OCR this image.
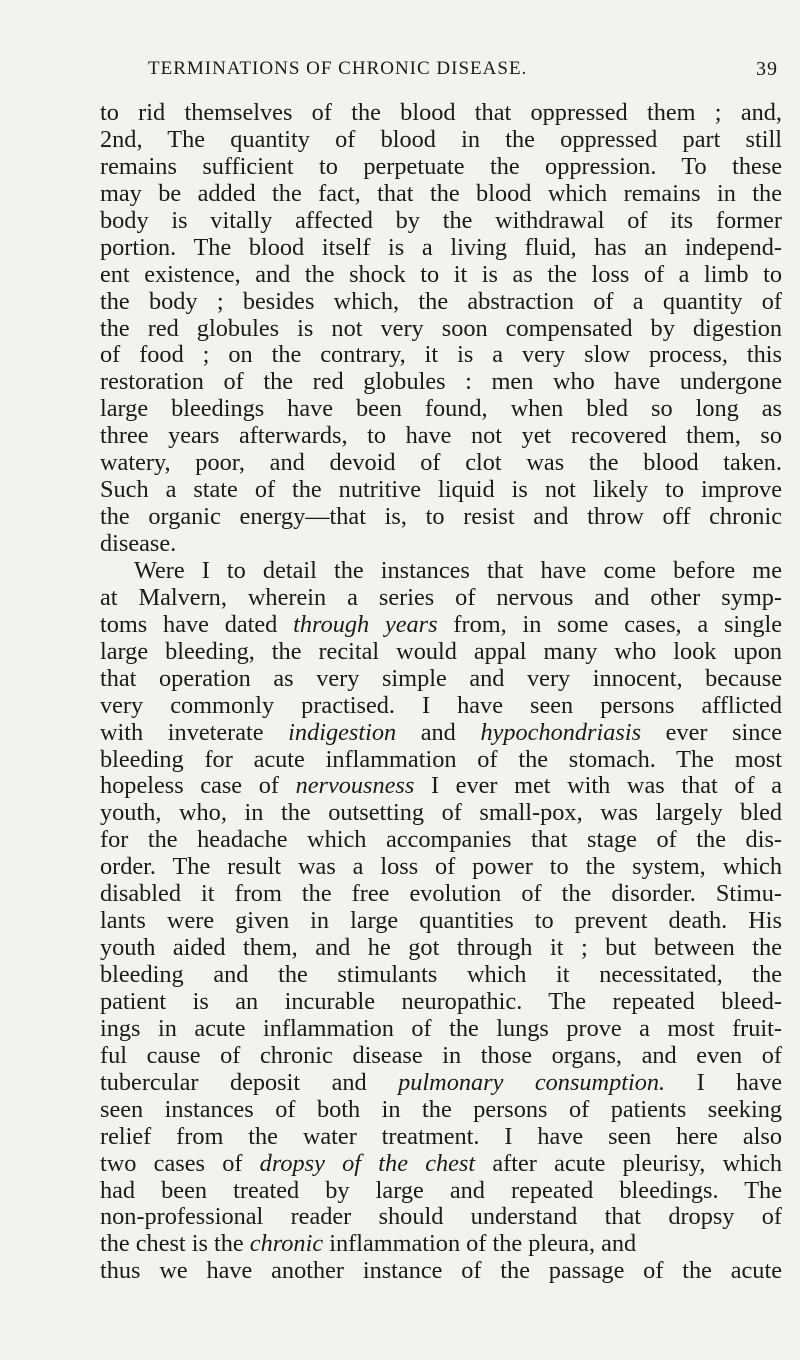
TERMINATIONS OF CHRONIC DISEASE.	39
to rid themselves of the blood that oppressed them ; and,
2nd, The quantity of blood in the oppressed part still
remains sufficient to perpetuate the oppression. To these
may be added the fact, that the blood which remains in the
body is vitally affected by the withdrawal of its former
portion. The blood itself is a living fluid, has an independ-
ent existence, and the shock to it is as the loss of a limb to
the body ; besides which, the abstraction of a quantity of
the red globules is not very soon compensated by digestion
of food ; on the contrary, it is a very slow process, this
restoration of the red globules : men who have undergone
large bleedings have been found, when bled so long as
three years afterwards, to have not yet recovered them, so
watery, poor, and devoid of clot was the blood taken.
Such a state of the nutritive liquid is not likely to improve
the organic energy—that is, to resist and throw off chronic
disease.
Were I to detail the instances that have come before me
at Malvern, wherein a series of nervous and other symp-
toms have dated through years from, in some cases, a single
large bleeding, the recital would appal many who look upon
that operation as very simple and very innocent, because
very commonly practised. I have seen persons afflicted
with inveterate indigestion and hypochondriasis ever since
bleeding for acute inflammation of the stomach. The most
hopeless case of nervousness I ever met with was that of a
youth, who, in the outsetting of small-pox, was largely bled
for the headache which accompanies that stage of the dis-
order. The result was a loss of power to the system, which
disabled it from the free evolution of the disorder. Stimu-
lants were given in large quantities to prevent death. His
youth aided them, and he got through it ; but between the
bleeding and the stimulants which it necessitated, the
patient is an incurable neuropathic. The repeated bleed-
ings in acute inflammation of the lungs prove a most fruit-
ful cause of chronic disease in those organs, and even of
tubercular deposit and pulmonary consumption. I have
seen instances of both in the persons of patients seeking
relief from the water treatment. I have seen here also
two cases of dropsy of the chest after acute pleurisy, which
had been treated by large and repeated bleedings. The
non-professional reader should understand that dropsy of
the chest is the chronic inflammation of the pleura, and
thus we have another instance of the passage of the acute
